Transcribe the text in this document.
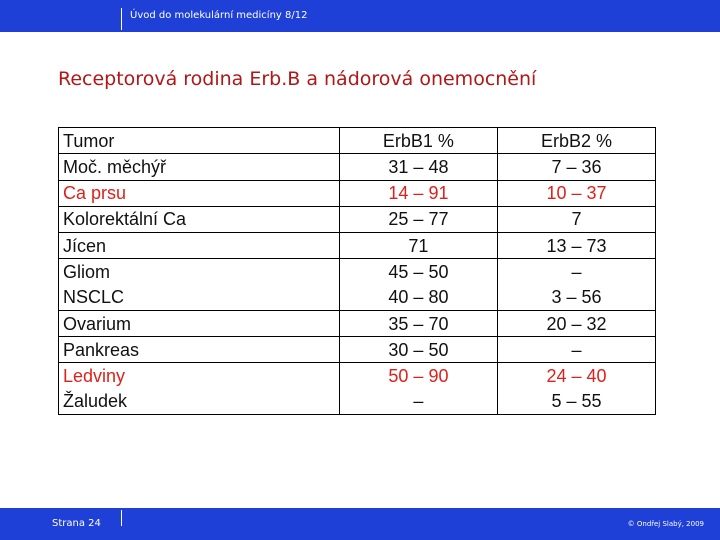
Úvod do molekulární medicíny 8/12
Receptorová rodina Erb.B a nádorová onemocnění
Tumor	ErbB1 %	ErbB2 %
Moč. měchýř	31 – 48	7 – 36
Ca prsu	14 – 91	10 – 37
Kolorektální Ca	25 – 77	7
Jícen	71	13 – 73
Gliom	45 – 50	–
NSCLC	40 – 80	3 – 56
Ovarium	35 – 70	20 – 32
Pankreas	30 – 50	–
Ledviny	50 – 90	24 – 40
Žaludek	–	5 – 55
Strana 24	© Ondřej Slabý, 2009
